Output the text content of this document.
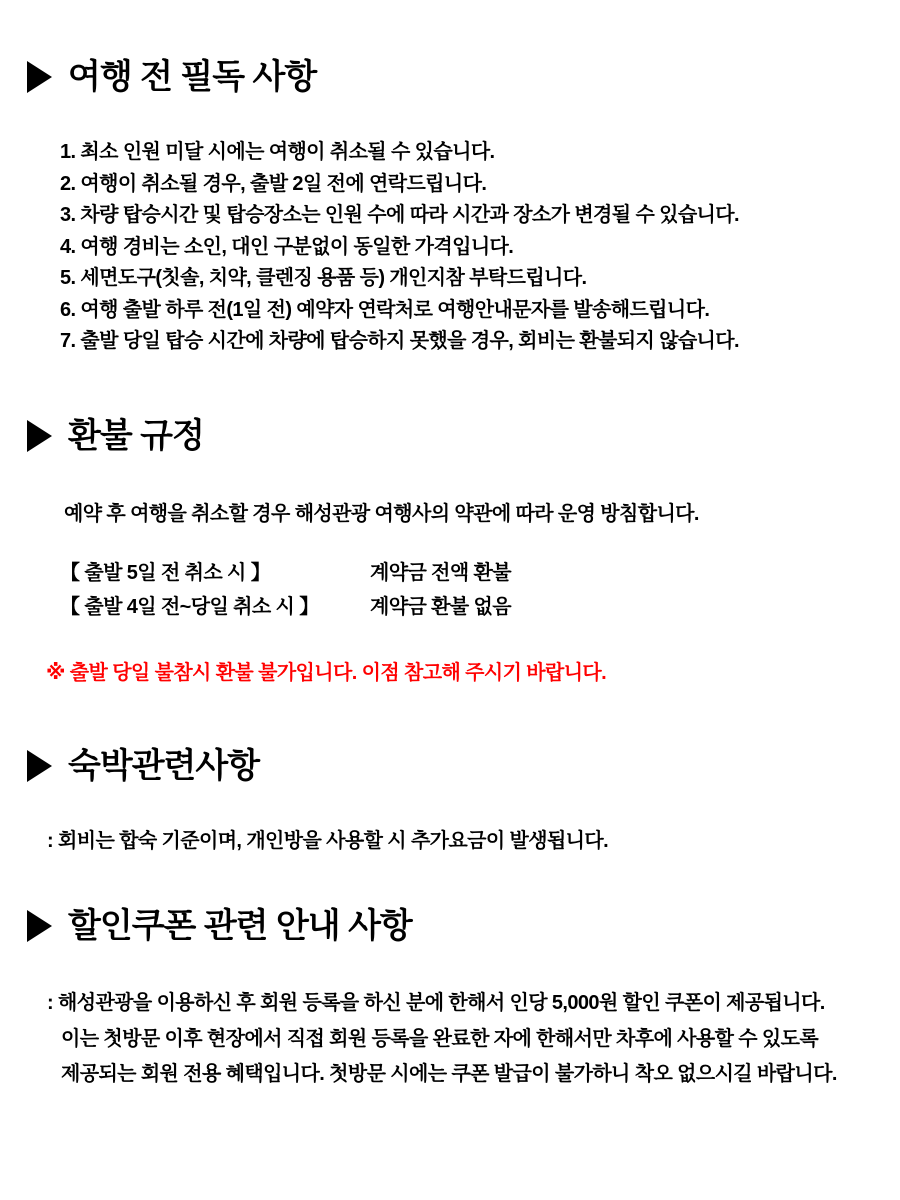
여행 전 필독 사항
1. 최소 인원 미달 시에는 여행이 취소될 수 있습니다.
2. 여행이 취소될 경우, 출발 2일 전에 연락드립니다.
3. 차량 탑승시간 및 탑승장소는 인원 수에 따라 시간과 장소가 변경될 수 있습니다.
4. 여행 경비는 소인, 대인 구분없이 동일한 가격입니다.
5. 세면도구(칫솔, 치약, 클렌징 용품 등) 개인지참 부탁드립니다.
6. 여행 출발 하루 전(1일 전) 예약자 연락처로 여행안내문자를 발송해드립니다.
7. 출발 당일 탑승 시간에 차량에 탑승하지 못했을 경우, 회비는 환불되지 않습니다.
환불 규정

예약 후 여행을 취소할 경우 해성관광 여행사의 약관에 따라 운영 방침합니다.

【 출발 5일 전 취소 시 】	계약금 전액 환불
【 출발 4일 전~당일 취소 시 】	계약금 환불 없음

※ 출발 당일 불참시 환불 불가입니다. 이점 참고해 주시기 바랍니다.

숙박관련사항

: 회비는 합숙 기준이며, 개인방을 사용할 시 추가요금이 발생됩니다.

할인쿠폰 관련 안내 사항
: 해성관광을 이용하신 후 회원 등록을 하신 분에 한해서 인당 5,000원 할인 쿠폰이 제공됩니다.
이는 첫방문 이후 현장에서 직접 회원 등록을 완료한 자에 한해서만 차후에 사용할 수 있도록
제공되는 회원 전용 혜택입니다. 첫방문 시에는 쿠폰 발급이 불가하니 착오 없으시길 바랍니다.
